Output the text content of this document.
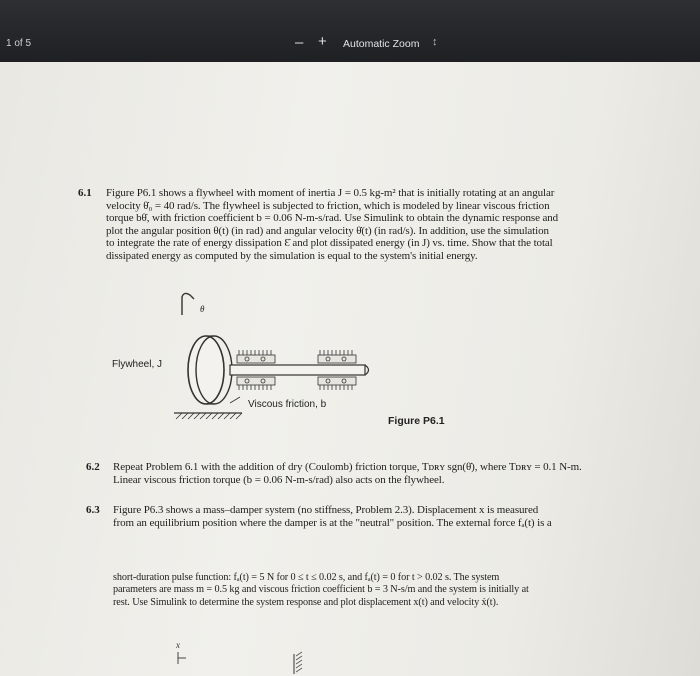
1 of 5	– + Automatic Zoom ↕
6.1 Figure P6.1 shows a flywheel with moment of inertia J = 0.5 kg-m² that is initially rotating at an angular
velocity θ̇₀ = 40 rad/s. The flywheel is subjected to friction, which is modeled by linear viscous friction
torque bθ̇, with friction coefficient b = 0.06 N-m-s/rad. Use Simulink to obtain the dynamic response and
plot the angular position θ(t) (in rad) and angular velocity θ̇(t) (in rad/s). In addition, use the simulation
to integrate the rate of energy dissipation Ɛ̇ and plot dissipated energy (in J) vs. time. Show that the total
dissipated energy as computed by the simulation is equal to the system's initial energy.
θ
Flywheel, J
Viscous friction, b
Figure P6.1
6.2 Repeat Problem 6.1 with the addition of dry (Coulomb) friction torque, Tᴅʀʏ sgn(θ̇), where Tᴅʀʏ = 0.1 N-m.
Linear viscous friction torque (b = 0.06 N-m-s/rad) also acts on the flywheel.
6.3 Figure P6.3 shows a mass–damper system (no stiffness, Problem 2.3). Displacement x is measured
from an equilibrium position where the damper is at the "neutral" position. The external force fₐ(t) is a
short-duration pulse function: fₐ(t) = 5 N for 0 ≤ t ≤ 0.02 s, and fₐ(t) = 0 for t > 0.02 s. The system
parameters are mass m = 0.5 kg and viscous friction coefficient b = 3 N-s/m and the system is initially at
rest. Use Simulink to determine the system response and plot displacement x(t) and velocity ẋ(t).
x
